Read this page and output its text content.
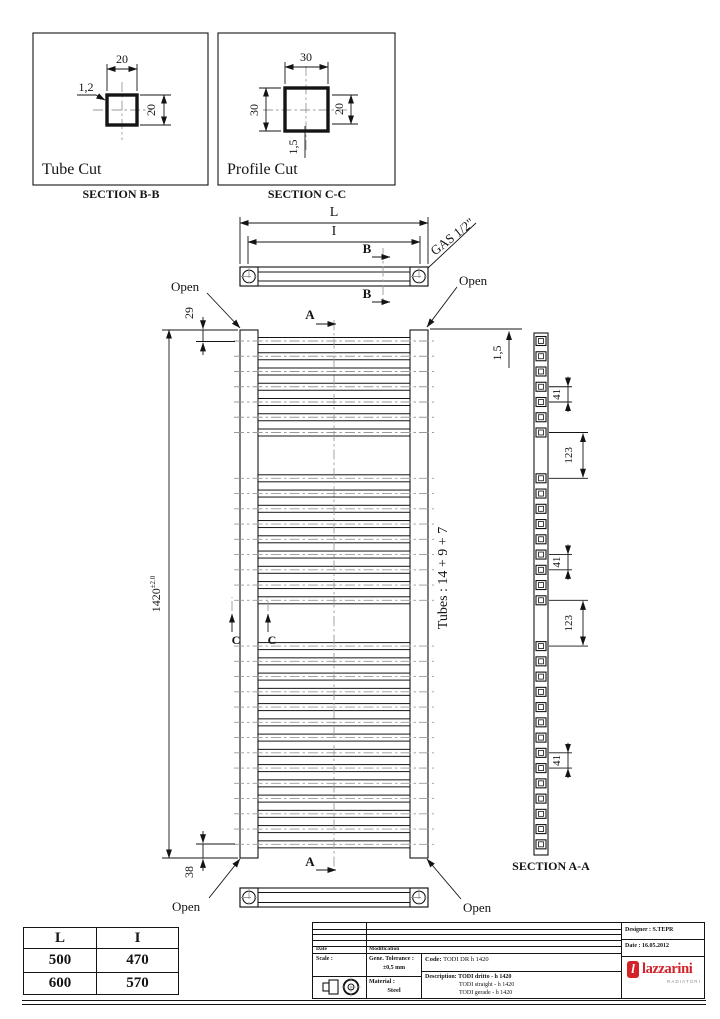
20
20
1,2
Tube Cut
SECTION B-B
30
30	20
1,5
Profile Cut
SECTION C-C
L
I
B
B
GAS 1/2"
Open	Open
Open	Open
A
A
C C
$1420^{\pm 2.0}$
29
38
1,5
Tubes : 14 + 9 + 7
41
41
41
123
123
SECTION A-A
L	I
500	470
600	570
Date	Modification
Scale :	Gene. Tolerance :
±0,5 mm
Material :
Steel
Code: TODI DR h 1420
Description: TODI dritto - h 1420
TODI straight - h 1420
TODI gerade - h 1420
Designer : S.TEPR
Date : 16.05.2012
l lazzarini
RADIATORI
